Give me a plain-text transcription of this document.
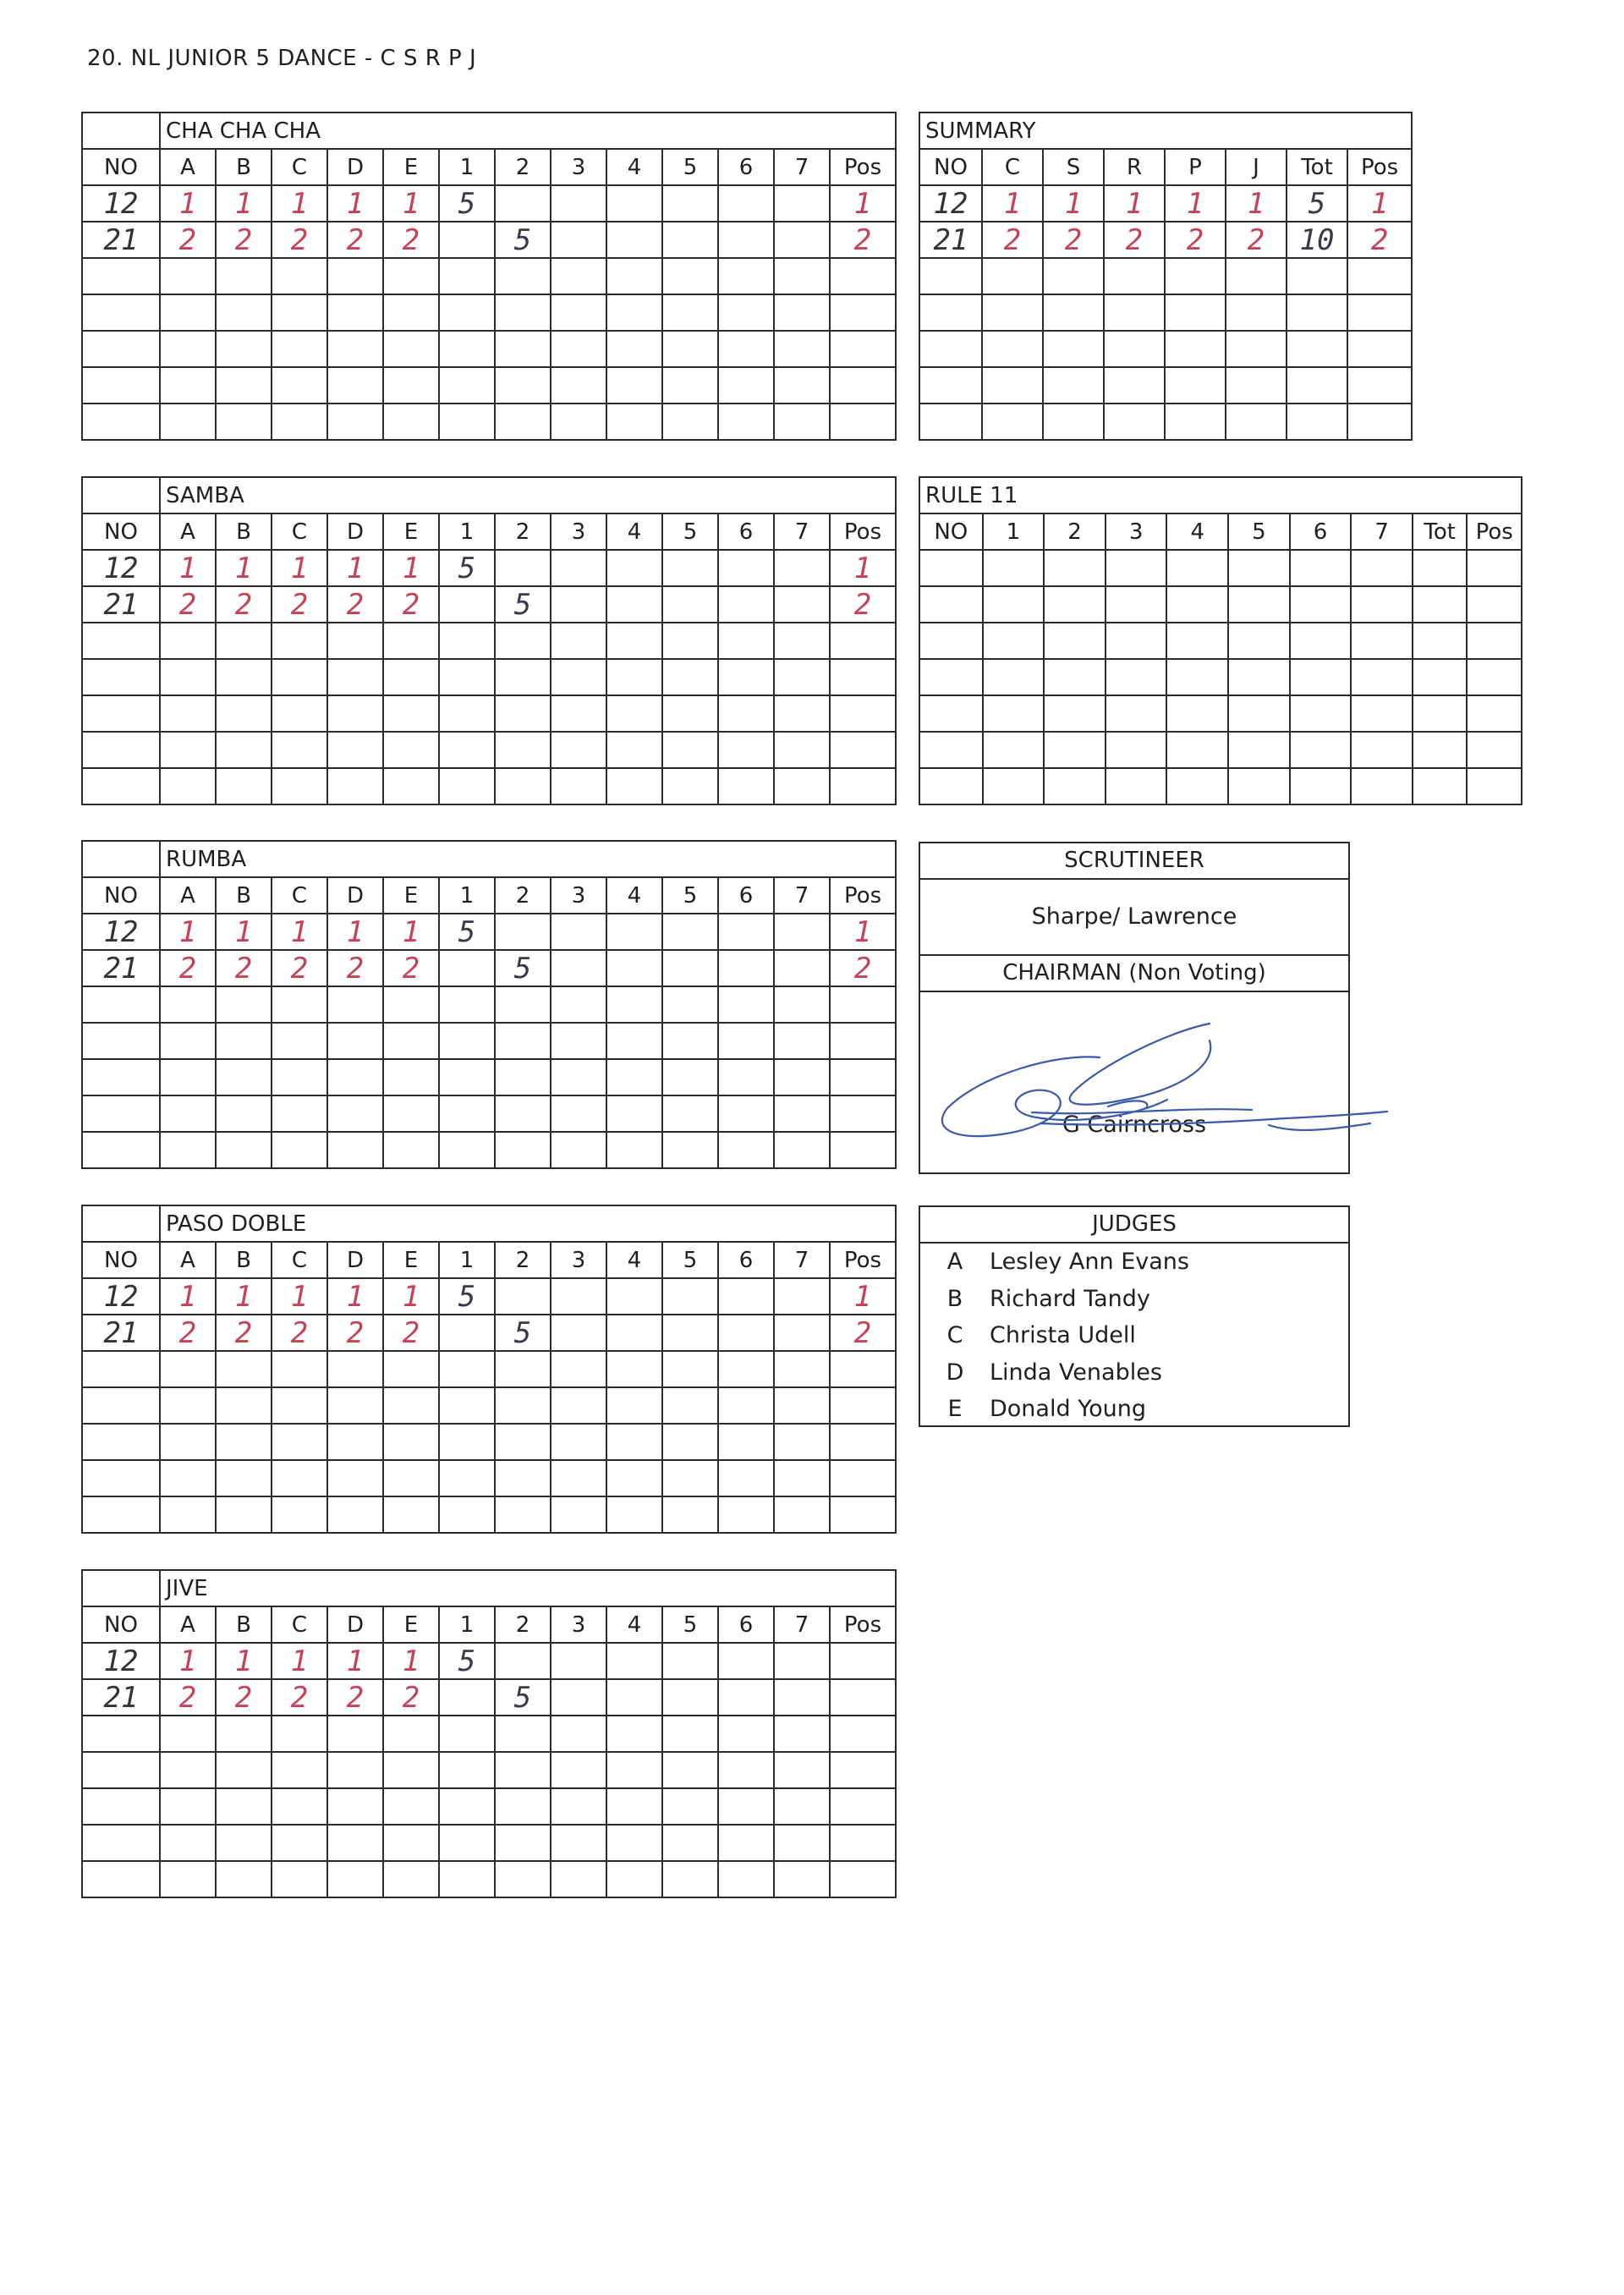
20. NL JUNIOR 5 DANCE - C S R P J
	CHA CHA CHA												
NO	A	B	C	D	E	1	2	3	4	5	6	7	Pos
12	1	1	1	1	1	5							1
21	2	2	2	2	2		5						2

	SAMBA												
NO	A	B	C	D	E	1	2	3	4	5	6	7	Pos
12	1	1	1	1	1	5							1
21	2	2	2	2	2		5						2

	RUMBA												
NO	A	B	C	D	E	1	2	3	4	5	6	7	Pos
12	1	1	1	1	1	5							1
21	2	2	2	2	2		5						2

	PASO DOBLE												
NO	A	B	C	D	E	1	2	3	4	5	6	7	Pos
12	1	1	1	1	1	5							1
21	2	2	2	2	2		5						2

	JIVE												
NO	A	B	C	D	E	1	2	3	4	5	6	7	Pos
12	1	1	1	1	1	5							
21	2	2	2	2	2		5						

SUMMARY							
NO	C	S	R	P	J	Tot	Pos
12	1	1	1	1	1	5	1
21	2	2	2	2	2	10	2

RULE 11									
NO	1	2	3	4	5	6	7	Tot	Pos

SCRUTINEER
Sharpe/ Lawrence
CHAIRMAN (Non Voting)
G Cairncross
JUDGES
A	Lesley Ann Evans
B	Richard Tandy
C	Christa Udell
D	Linda Venables
E	Donald Young
